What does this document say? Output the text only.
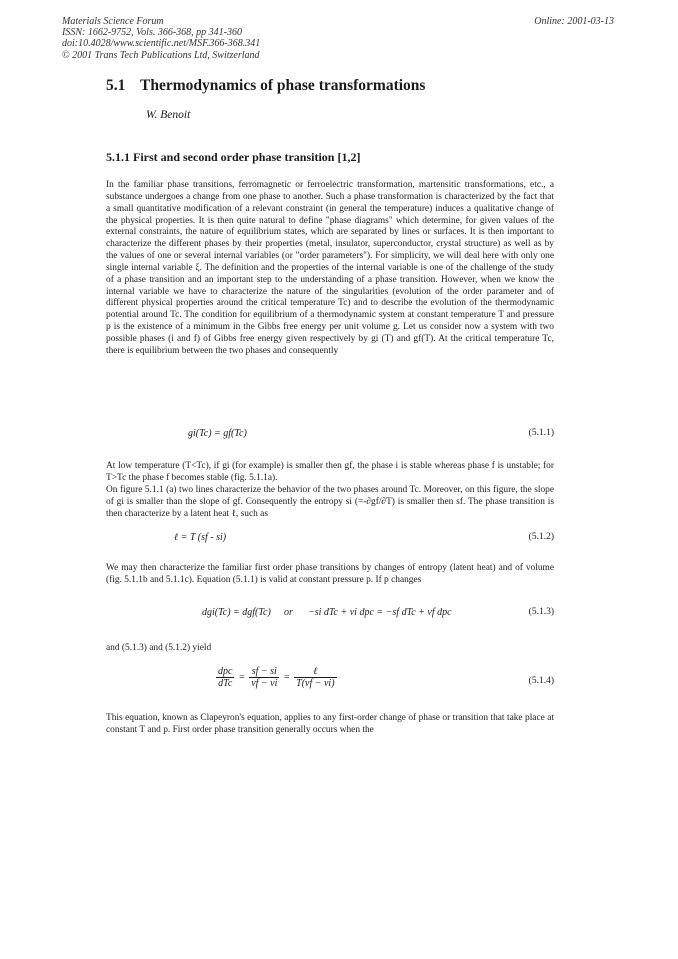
Materials Science Forum
ISSN: 1662-9752, Vols. 366-368, pp 341-360
doi:10.4028/www.scientific.net/MSF.366-368.341
© 2001 Trans Tech Publications Ltd, Switzerland
Online: 2001-03-13
5.1 Thermodynamics of phase transformations

W. Benoit

5.1.1 First and second order phase transition [1,2]

In the familiar phase transitions, ferromagnetic or ferroelectric transformation, martensitic transformations, etc., a substance undergoes a change from one phase to another. Such a phase transformation is characterized by the fact that a small quantitative modification of a relevant constraint (in general the temperature) induces a qualitative change of the physical properties. It is then quite natural to define "phase diagrams" which determine, for given values of the external constraints, the nature of equilibrium states, which are separated by lines or surfaces. It is then important to characterize the different phases by their properties (metal, insulator, superconductor, crystal structure) as well as by the values of one or several internal variables (or "order parameters"). For simplicity, we will deal here with only one single internal variable ξ. The definition and the properties of the internal variable is one of the challenge of the study of a phase transition and an important step to the understanding of a phase transition. However, when we know the internal variable we have to characterize the nature of the singularities (evolution of the order parameter and of different physical properties around the critical temperature Tc) and to describe the evolution of the thermodynamic potential around Tc. The condition for equilibrium of a thermodynamic system at constant temperature T and pressure p is the existence of a minimum in the Gibbs free energy per unit volume g. Let us consider now a system with two possible phases (i and f) of Gibbs free energy given respectively by gi (T) and gf(T). At the critical temperature Tc, there is equilibrium between the two phases and consequently

gi(Tc) = gf(Tc)	(5.1.1)

At low temperature (T<Tc), if gi (for example) is smaller then gf, the phase i is stable whereas phase f is unstable; for T>Tc the phase f becomes stable (fig. 5.1.1a).

On figure 5.1.1 (a) two lines characterize the behavior of the two phases around Tc. Moreover, on this figure, the slope of gi is smaller than the slope of gf. Consequently the entropy si (=-∂gf/∂T) is smaller then sf. The phase transition is then characterize by a latent heat ℓ, such as

ℓ = T (sf - si)	(5.1.2)

We may then characterize the familiar first order phase transitions by changes of entropy (latent heat) and of volume (fig. 5.1.1b and 5.1.1c). Equation (5.1.1) is valid at constant pressure p. If p changes

dgi(Tc) = dgf(Tc) or −si dTc + vi dpc = −sf dTc + vf dpc	(5.1.3)

and (5.1.3) and (5.1.2) yield

$\frac{\text{dpc}}{\text{dTc}} = \frac{sf - si}{vf - vi} = \frac{\text{ℓ}}{T(vf - vi)}$	(5.1.4)

This equation, known as Clapeyron's equation, applies to any first-order change of phase or transition that take place at constant T and p. First order phase transition generally occurs when the
